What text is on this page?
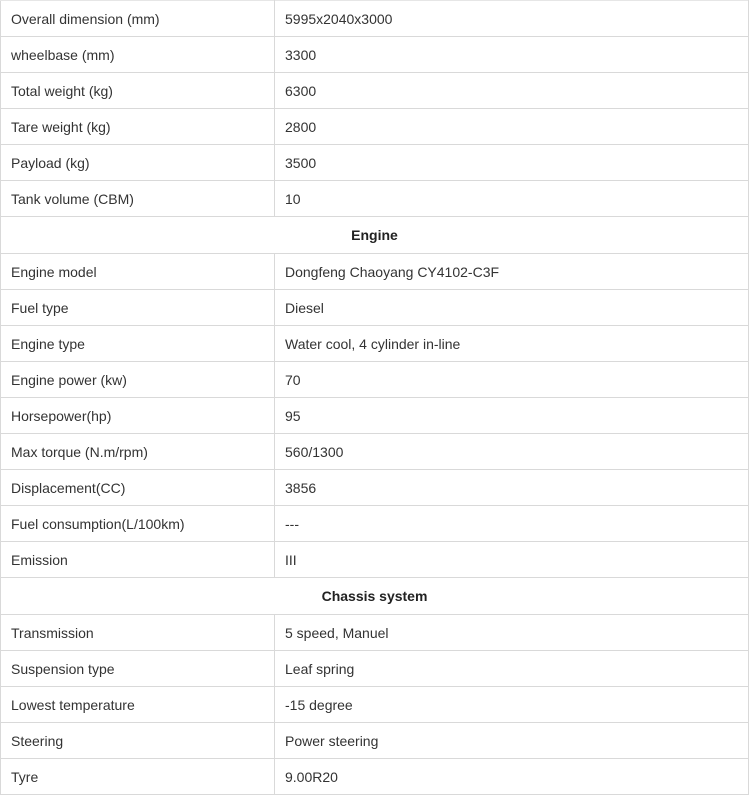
Overall dimension (mm)	5995x2040x3000
wheelbase (mm)	3300
Total weight (kg)	6300
Tare weight (kg)	2800
Payload (kg)	3500
Tank volume (CBM)	10
Engine	
Engine model	Dongfeng Chaoyang CY4102-C3F
Fuel type	Diesel
Engine type	Water cool, 4 cylinder in-line
Engine power (kw)	70
Horsepower(hp)	95
Max torque (N.m/rpm)	560/1300
Displacement(CC)	3856
Fuel consumption(L/100km)	---
Emission	III
Chassis system	
Transmission	5 speed, Manuel
Suspension type	Leaf spring
Lowest temperature	-15 degree
Steering	Power steering
Tyre	9.00R20
